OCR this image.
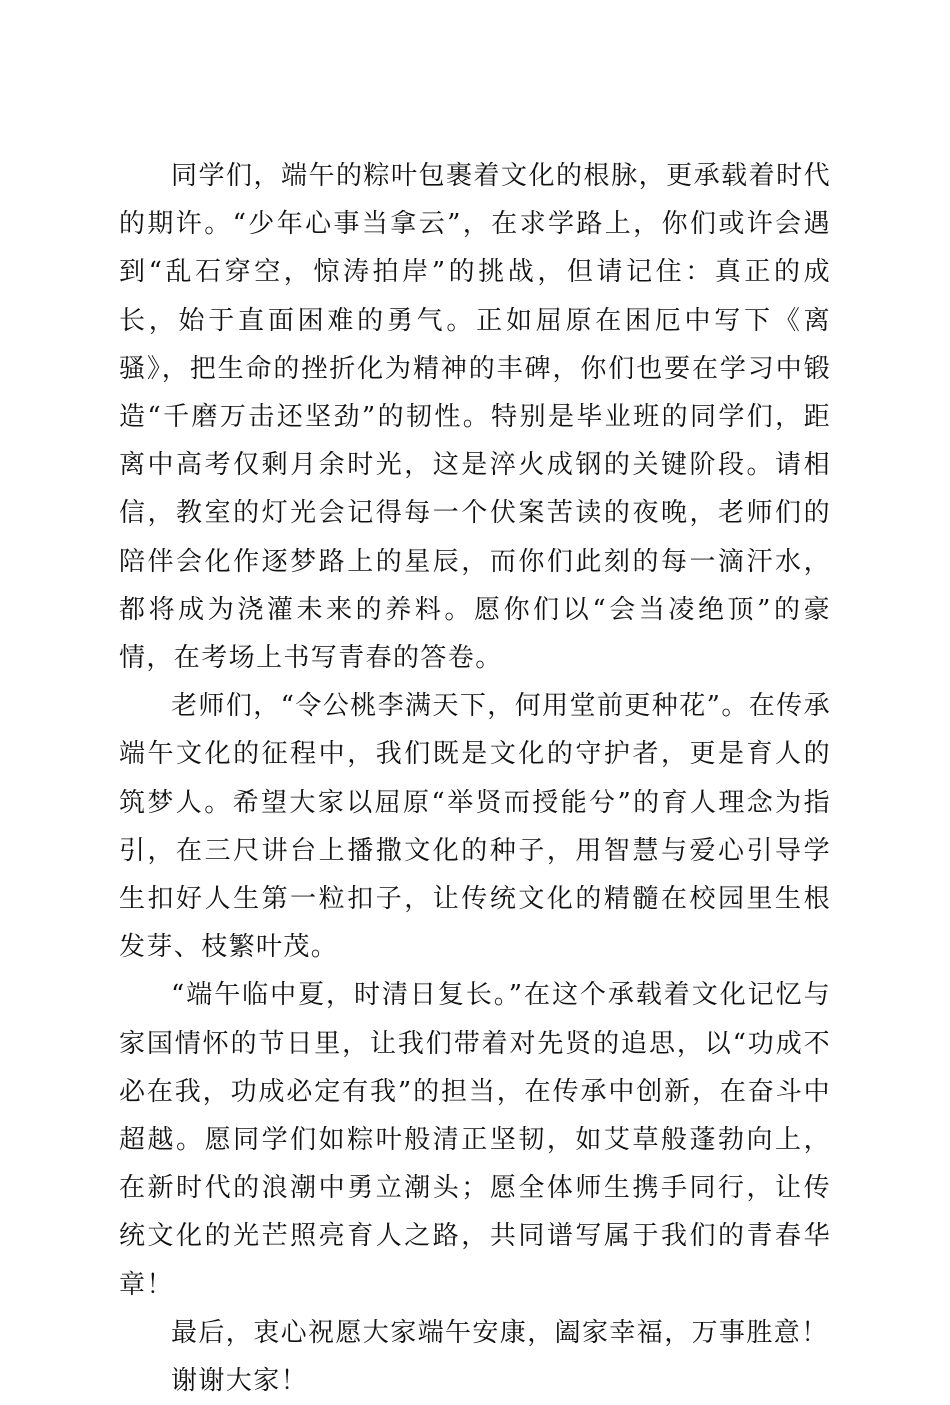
同学们，端午的粽叶包裹着文化的根脉，更承载着时代的期许。“少年心事当拿云”，在求学路上，你们或许会遇到“乱石穿空，惊涛拍岸”的挑战，但请记住：真正的成长，始于直面困难的勇气。正如屈原在困厄中写下《离骚》，把生命的挫折化为精神的丰碑，你们也要在学习中锻造“千磨万击还坚劲”的韧性。特别是毕业班的同学们，距离中高考仅剩月余时光，这是淬火成钢的关键阶段。请相信，教室的灯光会记得每一个伏案苦读的夜晚，老师们的陪伴会化作逐梦路上的星辰，而你们此刻的每一滴汗水，都将成为浇灌未来的养料。愿你们以“会当凌绝顶”的豪情，在考场上书写青春的答卷。

老师们，“令公桃李满天下，何用堂前更种花”。在传承端午文化的征程中，我们既是文化的守护者，更是育人的筑梦人。希望大家以屈原“举贤而授能兮”的育人理念为指引，在三尺讲台上播撒文化的种子，用智慧与爱心引导学生扣好人生第一粒扣子，让传统文化的精髓在校园里生根发芽、枝繁叶茂。

“端午临中夏，时清日复长。”在这个承载着文化记忆与家国情怀的节日里，让我们带着对先贤的追思，以“功成不必在我，功成必定有我”的担当，在传承中创新，在奋斗中超越。愿同学们如粽叶般清正坚韧，如艾草般蓬勃向上，在新时代的浪潮中勇立潮头；愿全体师生携手同行，让传统文化的光芒照亮育人之路，共同谱写属于我们的青春华章！

最后，衷心祝愿大家端午安康，阖家幸福，万事胜意！

谢谢大家！
